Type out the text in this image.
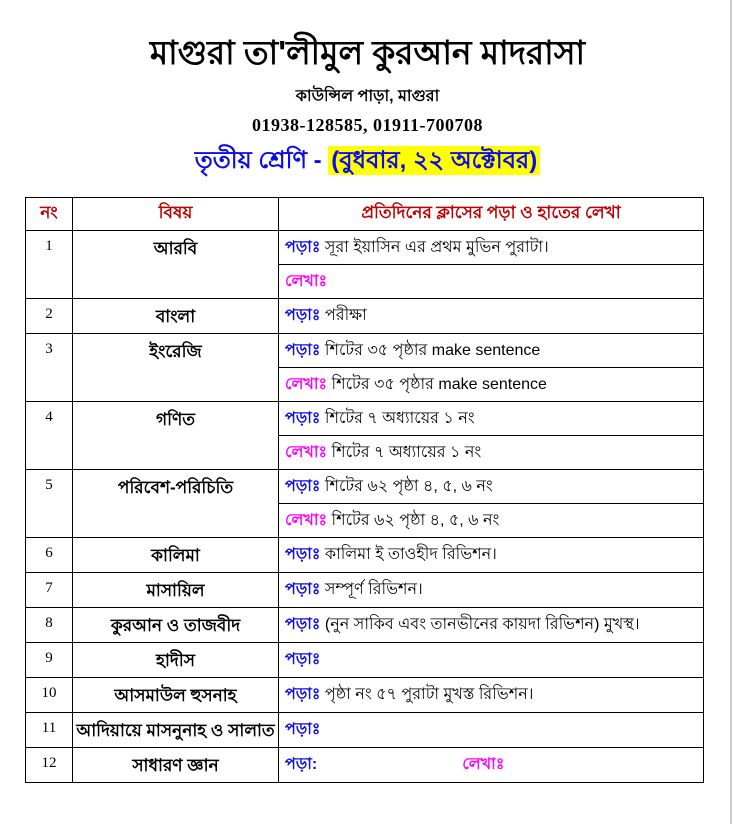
মাগুরা তা'লীমুল কুরআন মাদরাসা
কাউন্সিল পাড়া, মাগুরা
01938-128585, 01911-700708
তৃতীয় শ্রেণি - (বুধবার, ২২ অক্টোবর)
নং	বিষয়	প্রতিদিনের ক্লাসের পড়া ও হাতের লেখা
1	আরবি	পড়াঃ সূরা ইয়াসিন এর প্রথম মুভিন পুরাটা।
		লেখাঃ
2	বাংলা	পড়াঃ পরীক্ষা
3	ইংরেজি	পড়াঃ শিটের ৩৫ পৃষ্ঠার make sentence
		লেখাঃ শিটের ৩৫ পৃষ্ঠার make sentence
4	গণিত	পড়াঃ শিটের ৭ অধ্যায়ের ১ নং
		লেখাঃ শিটের ৭ অধ্যায়ের ১ নং
5	পরিবেশ-পরিচিতি	পড়াঃ শিটের ৬২ পৃষ্ঠা ৪, ৫, ৬ নং
		লেখাঃ শিটের ৬২ পৃষ্ঠা ৪, ৫, ৬ নং
6	কালিমা	পড়াঃ কালিমা ই তাওহীদ রিভিশন।
7	মাসায়িল	পড়াঃ সম্পূর্ণ রিভিশন।
8	কুরআন ও তাজবীদ	পড়াঃ (নুন সাকিব এবং তানভীনের কায়দা রিভিশন) মুখস্থ।
9	হাদীস	পড়াঃ
10	আসমাউল হুসনাহ	পড়াঃ পৃষ্ঠা নং ৫৭ পুরাটা মুখস্ত রিভিশন।
11	আদিয়ায়ে মাসনুনাহ ও সালাত	পড়াঃ
12	সাধারণ জ্ঞান	পড়া: লেখাঃ
